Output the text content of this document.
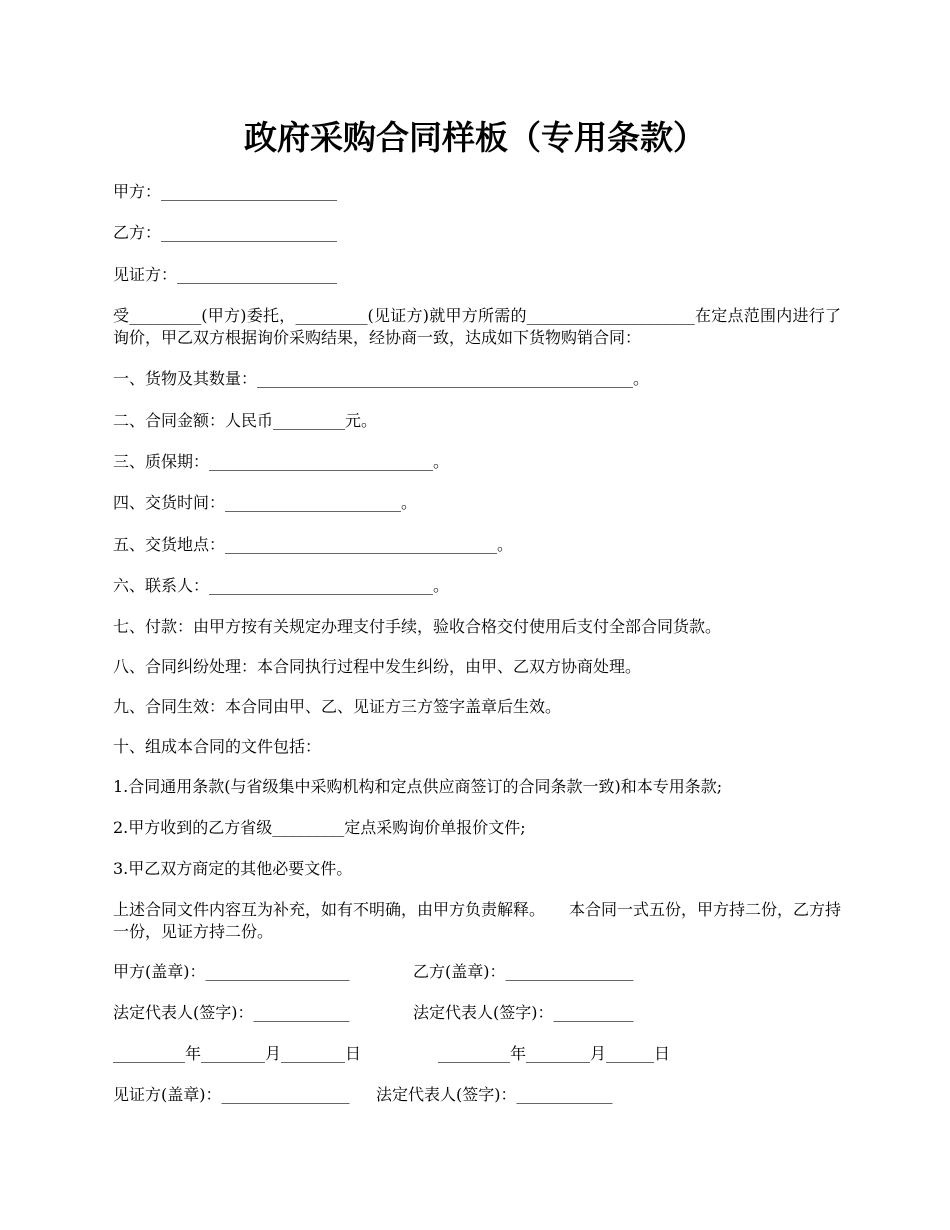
政府采购合同样板（专用条款）
甲方：______________________
乙方：______________________
见证方：____________________
受_________(甲方)委托，_________(见证方)就甲方所需的_____________________在定点范围内进行了询价，甲乙双方根据询价采购结果，经协商一致，达成如下货物购销合同：
一、货物及其数量：_______________________________________________。
二、合同金额：人民币_________元。
三、质保期：____________________________。
四、交货时间：______________________。
五、交货地点：__________________________________。
六、联系人：____________________________。
七、付款：由甲方按有关规定办理支付手续，验收合格交付使用后支付全部合同货款。
八、合同纠纷处理：本合同执行过程中发生纠纷，由甲、乙双方协商处理。
九、合同生效：本合同由甲、乙、见证方三方签字盖章后生效。
十、组成本合同的文件包括：
1.合同通用条款(与省级集中采购机构和定点供应商签订的合同条款一致)和本专用条款;
2.甲方收到的乙方省级_________定点采购询价单报价文件;
3.甲乙双方商定的其他必要文件。
上述合同文件内容互为补充，如有不明确，由甲方负责解释。　　本合同一式五份，甲方持二份，乙方持一份，见证方持二份。
甲方(盖章)：__________________	乙方(盖章)：________________
法定代表人(签字)：____________	法定代表人(签字)：__________
_________年________月________日	_________年________月______日
见证方(盖章)：________________ 法定代表人(签字)：____________
